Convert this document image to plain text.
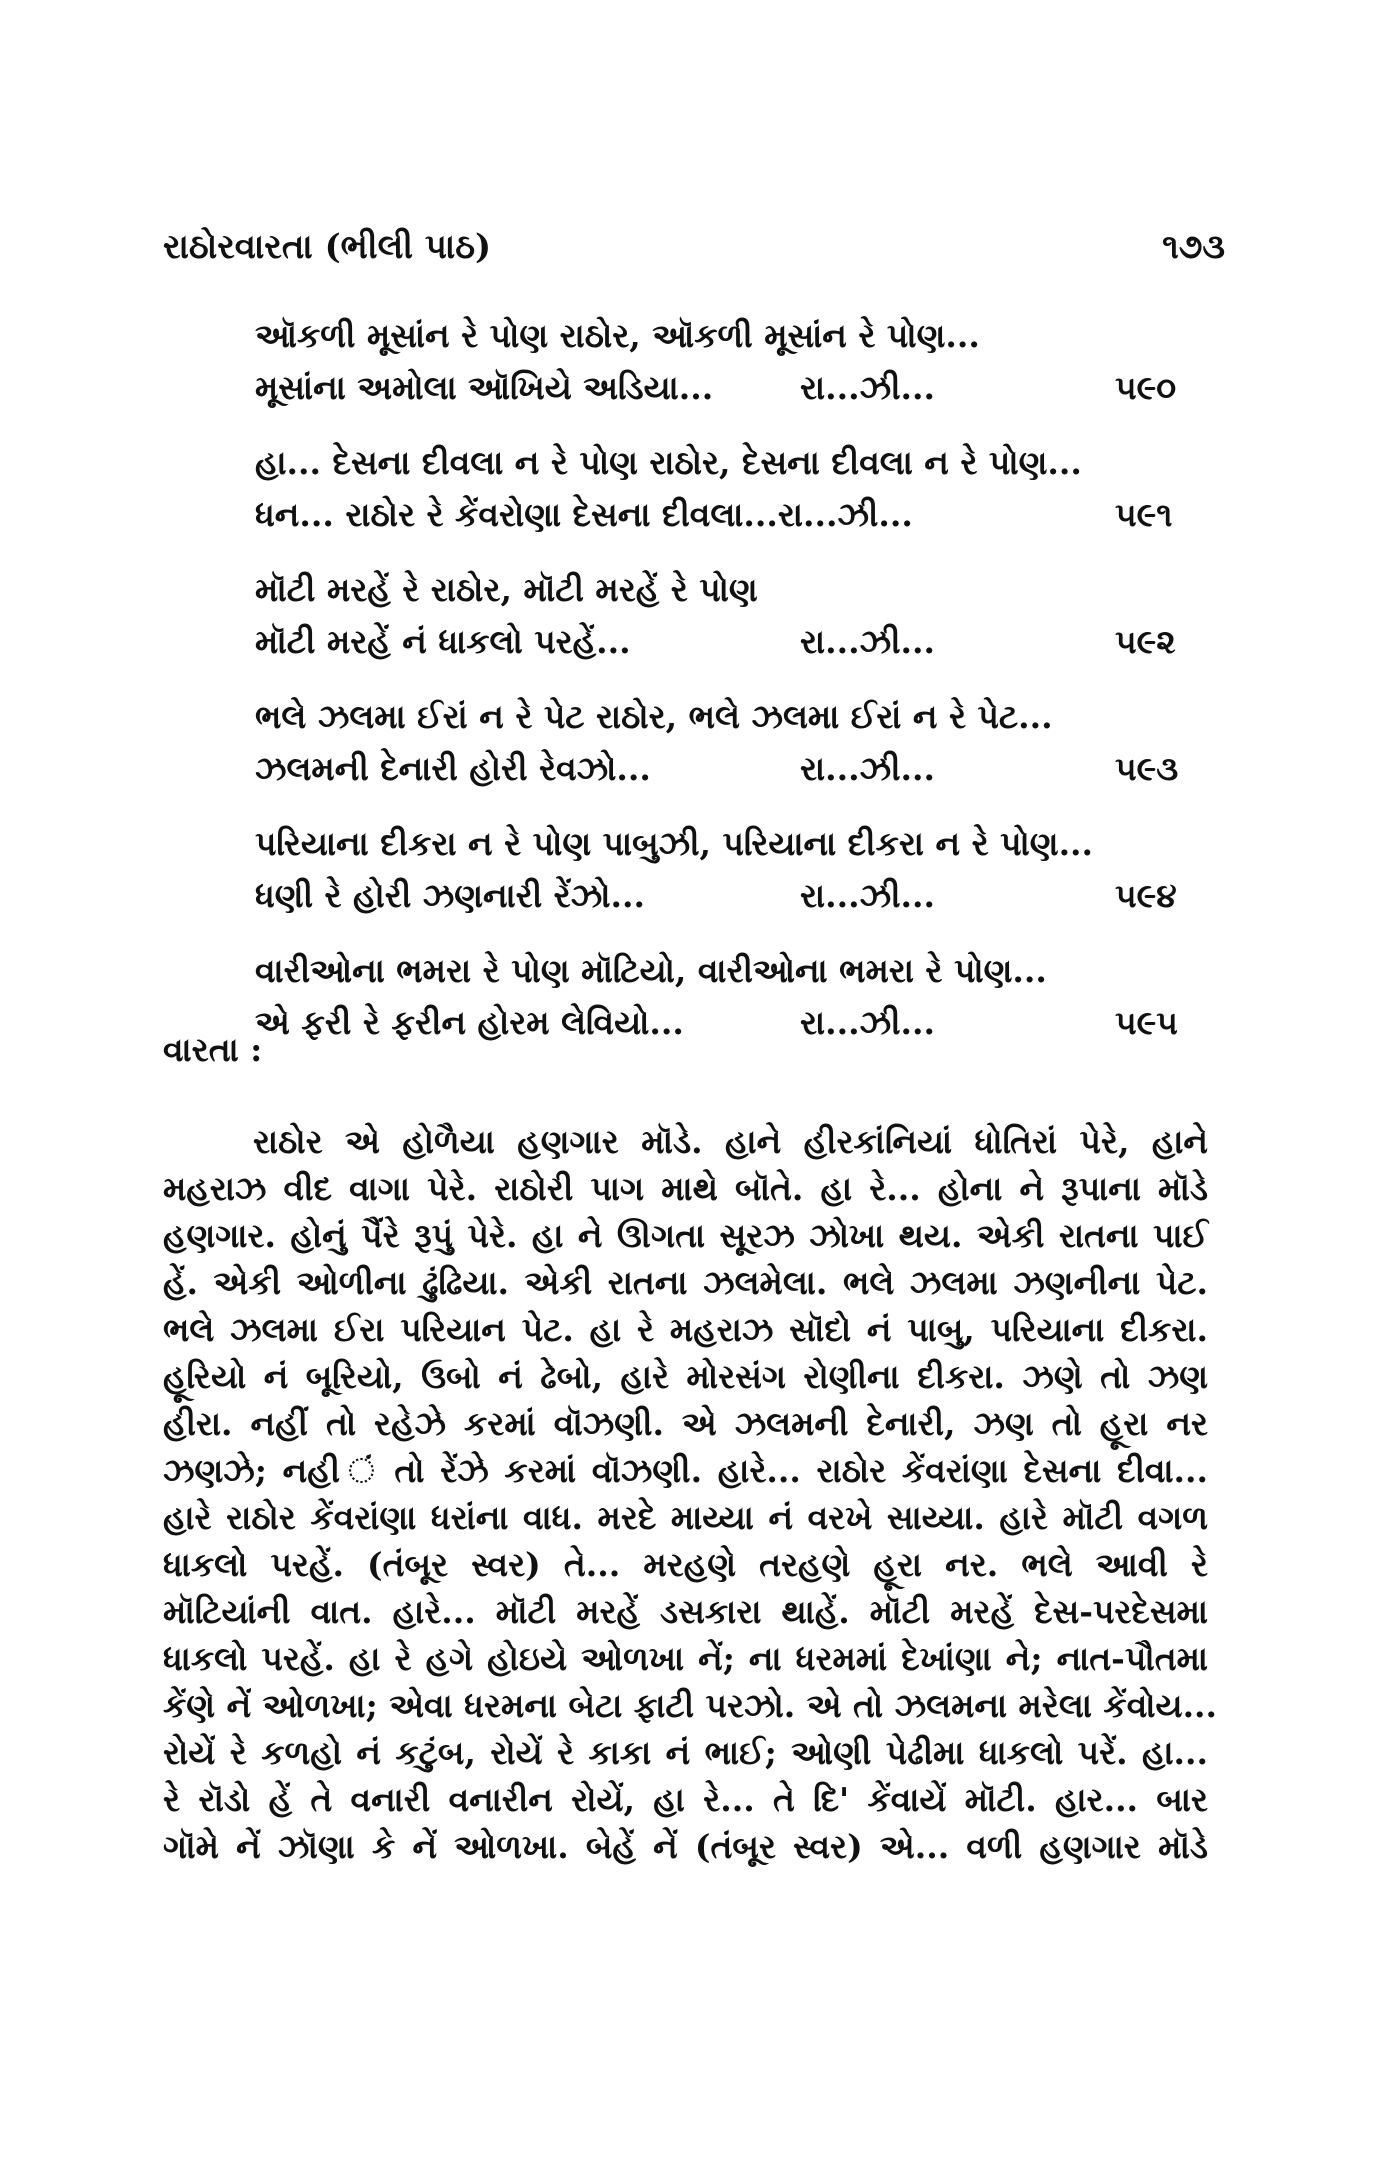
રાઠોરવારતા (ભીલી પાઠ)	૧૭૩
ઑકળી મૂસાંન રે પોણ રાઠોર, ઑકળી મૂસાંન રે પોણ...
મૂસાંના અમોલા ઑખિયે અડિયા...	રા...ઝી...	૫૯૦
હા... દેસના દીવલા ન રે પોણ રાઠોર, દેસના દીવલા ન રે પોણ...
ધન... રાઠોર રે કેંવરોણા દેસના દીવલા...રા...ઝી...	૫૯૧
મૉટી મરહેં રે રાઠોર, મૉટી મરહેં રે પોણ
મૉટી મરહેં નં ધાકલો પરહેં...	રા...ઝી...	૫૯૨
ભલે ઝલમા ઈરાં ન રે પેટ રાઠોર, ભલે ઝલમા ઈરાં ન રે પેટ...
ઝલમની દેનારી હોરી રેવઝો...	રા...ઝી...	૫૯૩
પરિયાના દીકરા ન રે પોણ પાબુઝી, પરિયાના દીકરા ન રે પોણ...
ધણી રે હોરી ઝણનારી રેંઝો...	રા...ઝી...	૫૯૪
વારીઓના ભમરા રે પોણ મૉટિયો, વારીઓના ભમરા રે પોણ...
એ ફરી રે ફરીન હોરમ લેવિયો...	રા...ઝી...	૫૯૫
વારતા :
રાઠોર એ હોળૈયા હણગાર મૉડે. હાને હીરકાંનિયાં ધોતિરાં પેરે, હાને
મહરાઝ વીદ વાગા પેરે. રાઠોરી પાગ માથે બૉતે. હા રે... હોના ને રૂપાના મૉડે
હણગાર. હોનું પૈંરે રૂપું પેરે. હા ને ઊગતા સૂરઝ ઝોખા થય. એકી રાતના પાઈ
હેં. એકી ઓળીના ઢુંઢિયા. એકી રાતના ઝલમેલા. ભલે ઝલમા ઝણનીના પેટ.
ભલે ઝલમા ઈરા પરિયાન પેટ. હા રે મહરાઝ સૉદો નં પાબુ, પરિયાના દીકરા.
હૂરિયો નં બૂરિયો, ઉબો નં ઢેબો, હારે મોરસંગ રોણીના દીકરા. ઝણે તો ઝણ
હીરા. નહીં તો રહેઝે કરમાં વૉઝણી. એ ઝલમની દેનારી, ઝણ તો હૂરા નર
ઝણઝે; નહી ં તો રેંઝે કરમાં વૉઝણી. હારે... રાઠોર કેંવરાંણા દેસના દીવા...
હારે રાઠોર કેંવરાંણા ધરાંના વાધ. મરદે માય્યા નં વરખે સાય્યા. હારે મૉટી વગળ
ધાકલો પરહેં. (તંબૂર સ્વર) તે... મરહણે તરહણે હૂરા નર. ભલે આવી રે
મૉટિયાંની વાત. હારે... મૉટી મરહેં ડસકારા થાહેં. મૉટી મરહેં દેસ-પરદેસમા
ધાકલો પરહેં. હા રે હગે હોઇયે ઓળખા નેં; ના ધરમમાં દેખાંણા ને; નાત-પૌતમા
કેંણે નેં ઓળખા; એવા ધરમના બેટા ફાટી પરઝો. એ તો ઝલમના મરેલા કેંવોય...
રોયેં રે કળહો નં કટુંબ, રોયેં રે કાકા નં ભાઈ; ઓણી પેઢીમા ધાકલો પરેં. હા...
રે રૉડો હેં તે વનારી વનારીન રોયેં, હા રે... તે દિ' કેંવાયેં મૉટી. હાર... બાર
ગૉમે નેં ઝૉણા કે નેં ઓળખા. બેહેં નેં (તંબૂર સ્વર) એ... વળી હણગાર મૉડે
